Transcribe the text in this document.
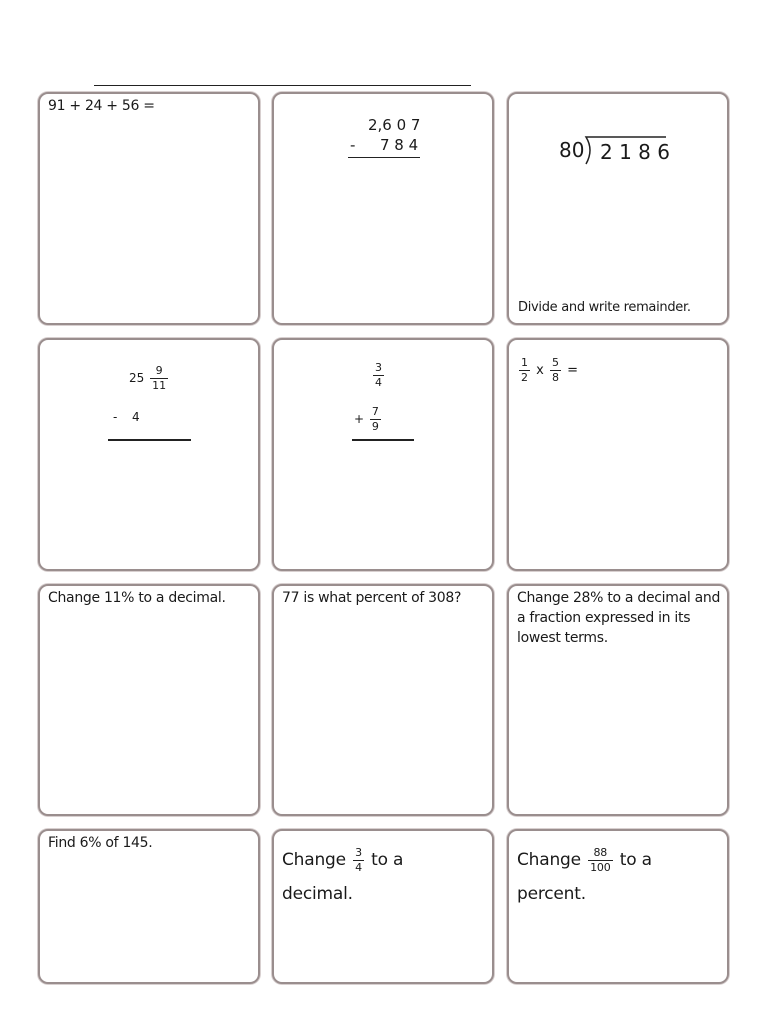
91 + 24 + 56 =
2,6 0 7
- 7 8 4	80 2 1 8 6
Divide and write remainder.
$25 \frac{9}{11}$
- 4
$\frac{3}{4}$
+ $\frac{7}{9}$
$\frac{1}{2}$ x $\frac{5}{8}$ =
Change 11% to a decimal.	77 is what percent of 308?	Change 28% to a decimal and a fraction expressed in its lowest terms.
Find 6% of 145.
Change $\frac{3}{4}$ to a
decimal.
Change $\frac{88}{100}$ to a
percent.
